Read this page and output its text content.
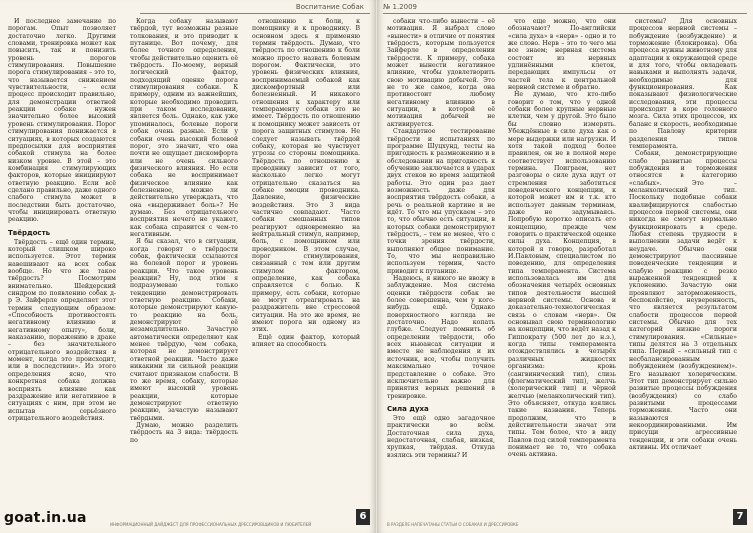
Воспитание Собак

И последнее замечание по порогам. Опыт позволяет достаточно легко. Другими словами, тренировка может как повысить, так и понизить уровень порогов стимулирования. Повышение порога стимулирования – это то, что называется снижением чувствительности, – если процесс происходит правильно, для демонстрации ответной реакции собаке нужен значительно более высокий уровень стимулирования. Порог стимулирования понижается в ситуациях, в которых создаются предпосылки для восприятия собакой стимула на более низком уровне. В этой – это комбинация стимулирующих факторов, которые инициируют ответную реакцию. Если всё сделано правильно, даже одного слабого стимула может в последствии быть достаточно, чтобы инициировать ответную реакцию.

Твёрдость

Твёрдость – ещё один термин, который слишком широко используется. Этот термин навешивают на всех собак вообще. Но что же такое твёрдость? Посмотрим внимательно. Шейдерский синдром по появлению собак д-р Э. Зайферле определяет этот термин следующим образом: «Способность противостоять негативному влиянию и негативному опыту», боли, наказанию, поражению в драке – без значительного отрицательного воздействия в момент, когда это происходит, или в последствии». Из этого определения ясно, что конкретная собака должна восприять влияние как раздражение или негативное в ситуациях с ним, при этом не испытав серьёзного отрицательного воздействия.

Когда собаку называют твёрдой, тут возможны разные толкования, и это приводит к путанице. Вот почему, для более точного определения, чтобы действительно оценить её твёрдость. По-моему, верный логический фактор, подходящий оценке порога стимулирования собаки. К примеру, одним из важнейших, которые необходимо проводить при таком исследовании, является боль. Однако, как уже упоминалось, болевые пороги собак очень разные. Если у собаки очень высокий болевой порог, это значит, что она почти не ощущает дискомфорта или не очень сильного физического влияния. Но если собака не воспринимает физическое влияние как болезненное, можно ли действительно утверждать, что она «выдерживает боль»? Не думаю. Без отрицательного восприятия нечего не укажет, как собака справится с чем-то негативным.

Я бы сказал, что в ситуации, когда говорят о твёрдости собак, фактически ссылаются на болевой порог и уровень реакции. Что такое уровень реакции? Ну, под этим я подразумеваю только тенденцию демонстрировать ответную реакцию. Собаки, которые демонстрируют какую-то реакцию на боль, демонстрируют её незамедлительно. Зачастую автоматически определяют как менее твёрдую, чем собака, которая не демонстрирует ответной реакции. Часто даже никакими ли сильной реакции считают признаком слабости. В то же время, собаку, которые имеют высокий уровень реакции, которые демонстрируют ответную реакцию, зачастую называют твёрдыми.

Думаю, можно разделить твёрдость на 3 вида: твёрдость по

отношению к боли, к помощнику и к проводнику. В основном здесь я применяю термин твёрдость. Думаю, что твёрдость по отношению к боли можно просто назвать болевым порогом. Фактически, это уровень физических влияния, воспринимаемый собакой как дискомфортный или болезненный. И никакого отношения к характеру или темпераменту собаки это не имеет. Твёрдость по отношению к помощнику может зависеть от порога защитных стимулов. Не следует называть твёрдой собаку, которая не чувствует угрозы со стороны помощника. Твёрдость по отношению к проводнику зависит от того, насколько легко могут отрицательно сказаться на собаке эмоции проводника. Давление, физические воздействия. Это 3 вида частично совпадают. Часто собаки смешанных типов реагируют одновременно на нейтральный стимул, например, боль, с помощником или проводником. В этом случае, порог стимулирования, связанный с тем или другим стимулом фактором, определение, как собака справляется с болью. К примеру, есть собаки, которые не могут отреагировать на раздражитель вне стрессовой ситуации. На это же время, не имеют порога ни одному из этих.

Ещё один фактор, который влияет на способность

goat.in.ua	ИНФОРМАЦИОННЫЙ ДАЙДЖЕСТ ДЛЯ ПРОФЕССИОНАЛЬНЫХ ДРЕССИРОВЩИКОВ И ЛЮБИТЕЛЕЙ
6
№ 1.2009

собаки что-либо вынести – её мотивация. Я выбрал слово «вынести» в отличие от понятия твёрдость, которым пользуется Зайферле в определении твёрдости. К примеру, собака может вынести негативное влияние, чтобы удовлетворить свою мотивацию добычей. Это не то же самое, когда она противостоит любому негативному влиянию в ситуации, в которой её мотивация добычей не активируется.

Стандартное тестирование твёрдости и испытаниях по программе Шуцхунд, тесты на пригодность к размножению и в обследовании на пригодность к обучению заключается в ударах двух стеков во время защитной работы. Это один раз дает возможность даже для восприятия твёрдость собаки, а речь о реальной картине и не идёт. То что мы упускаем – это то, что обычно есть ситуации, в которых собаки демонстрируют твёрдость, – тем не менее, что с точки зрения твёрдости, выполняют общее понимание. То, что мы неправильно используем термин, часто приводит к путанице.

Надеюсь, я никого не ввожу в заблуждение. Моя система оценки твёрдости собак не более совершенна, чем у кого-нибудь ещё. Однако поверхностного взгляда не достаточно. Надо копать глубже. Следует помнить об определении твёрдости, обо всех ньюансах ситуации и вместе не наблюдения и их источник, все, чтобы получить максимально точное представление о собаке. Это исключительно важно для принятия верных решений в тренировке.

Сила духа

Это ещё одно загадочное практически во всём. Достаточная сила духа, недостаточная, слабая, низкая, хрупкая, твёрдая. Откуда взялись эти термины? И

что еще можно, что они обозначают? По-английски «сила духа» в «нерв» - одно и то же слово. Нерв – это то чего мы все знаем; нервная система состоит из нервных удлинёнными клеток, передающих импульсы от частей тела к центральной нервной системе и обратно.

Не думаю, что кто-либо говорит о том, что у одной собаки более крупные нервные клетки, чем у другой. Это было бы словно измерять. Убеждённые в силе духа как о мере выдержки или нагрузки. И хотя такой подход более правилен, он не в полной мере соответствует использованию термина. Поиграем, нет разговоры о силе духа идут от стремления заботиться поведенческого концепции, к которой может им и т.к. кто использует данным терминам, даже не задумываясь. Попробую коротко описать его концепцию, прежде чем говорить о практической оценке силы духа. Концепция, в которой я говорю, разработал И.Павловым, специалистом по поведению, для определения типа темперамента. Система использовалась им для обозначения четырёх основных типов деятельности высшей нервной системы. Основа и доказательно-технологическая связь о словам «нерв». Он основывал свою терминологию на концепции, что ведёт назад к Гиппократу (500 лет до н.э.), когда типы темперамента отождествлялись в четырёх различных жидкостях организма: кровь (сангвинический тип), слизь (флегматический тип), желчь (холерический тип) и чёрной желчью (меланхолический тип). Это объясняет, откуда взялись такие названия. Теперь продолжим, что в действительности значат эти типы. Тем более, что в виду Павлов под силой темперамента понимает не то, что собака очень активна.

системы? Для основных процессов нервной системы – побуждение (возбуждение) и торможение (блокировка). Оба процесса нужны животному для адаптации к окружающей среде и для того, чтобы овладевать навыками и выполнять задачи, необходимые для функционирования. Как показывают физиологические исследования, эти процессы происходят в коре головного мозга. Сила этих процессов, их баланс и скорость, необходимые по Павлову критерии разделения типов темперамента.

Собаки, демонстрирующие слабо развитые процессы побуждения и торможения относятся в категорию «слабых». Это – меланхолический тип. Поскольку подобные собаки квалифицируются слабостью процессов первой системы, они никогда не смогут нормально функционировать в среде. Любая степень трудности в выполнении задачи ведёт к неудаче. Обычно они демонстрируют пассивные поведенческие тенденции и слабую реакцию с резко выраженной тенденцией к уклонению. Зачастую они проявляют заторможенность, беспокойство, неуверенность, что является результатом слабости процессов первой системы. Обычно для тех категорий низкие пороги стимулирования. «Сильные» типы делятся на 3 отдельных типа. Первый – «сильный тип с несбалансированным побуждением (возбуждением)». Его называют холерическим. Этот тип демонстрирует сильно развитые процессы побуждения (возбуждения) со слабо развитыми процессами торможения. Часто они называются некоординированными. Им присущи агрессивные тенденции, и эти собаки очень активны. Их отличает

В РАЗДЕЛЕ НАПЕЧАТАНЫ СТАТЬИ О СОБАКАХ И ДРЕССИРОВКЕ
7
